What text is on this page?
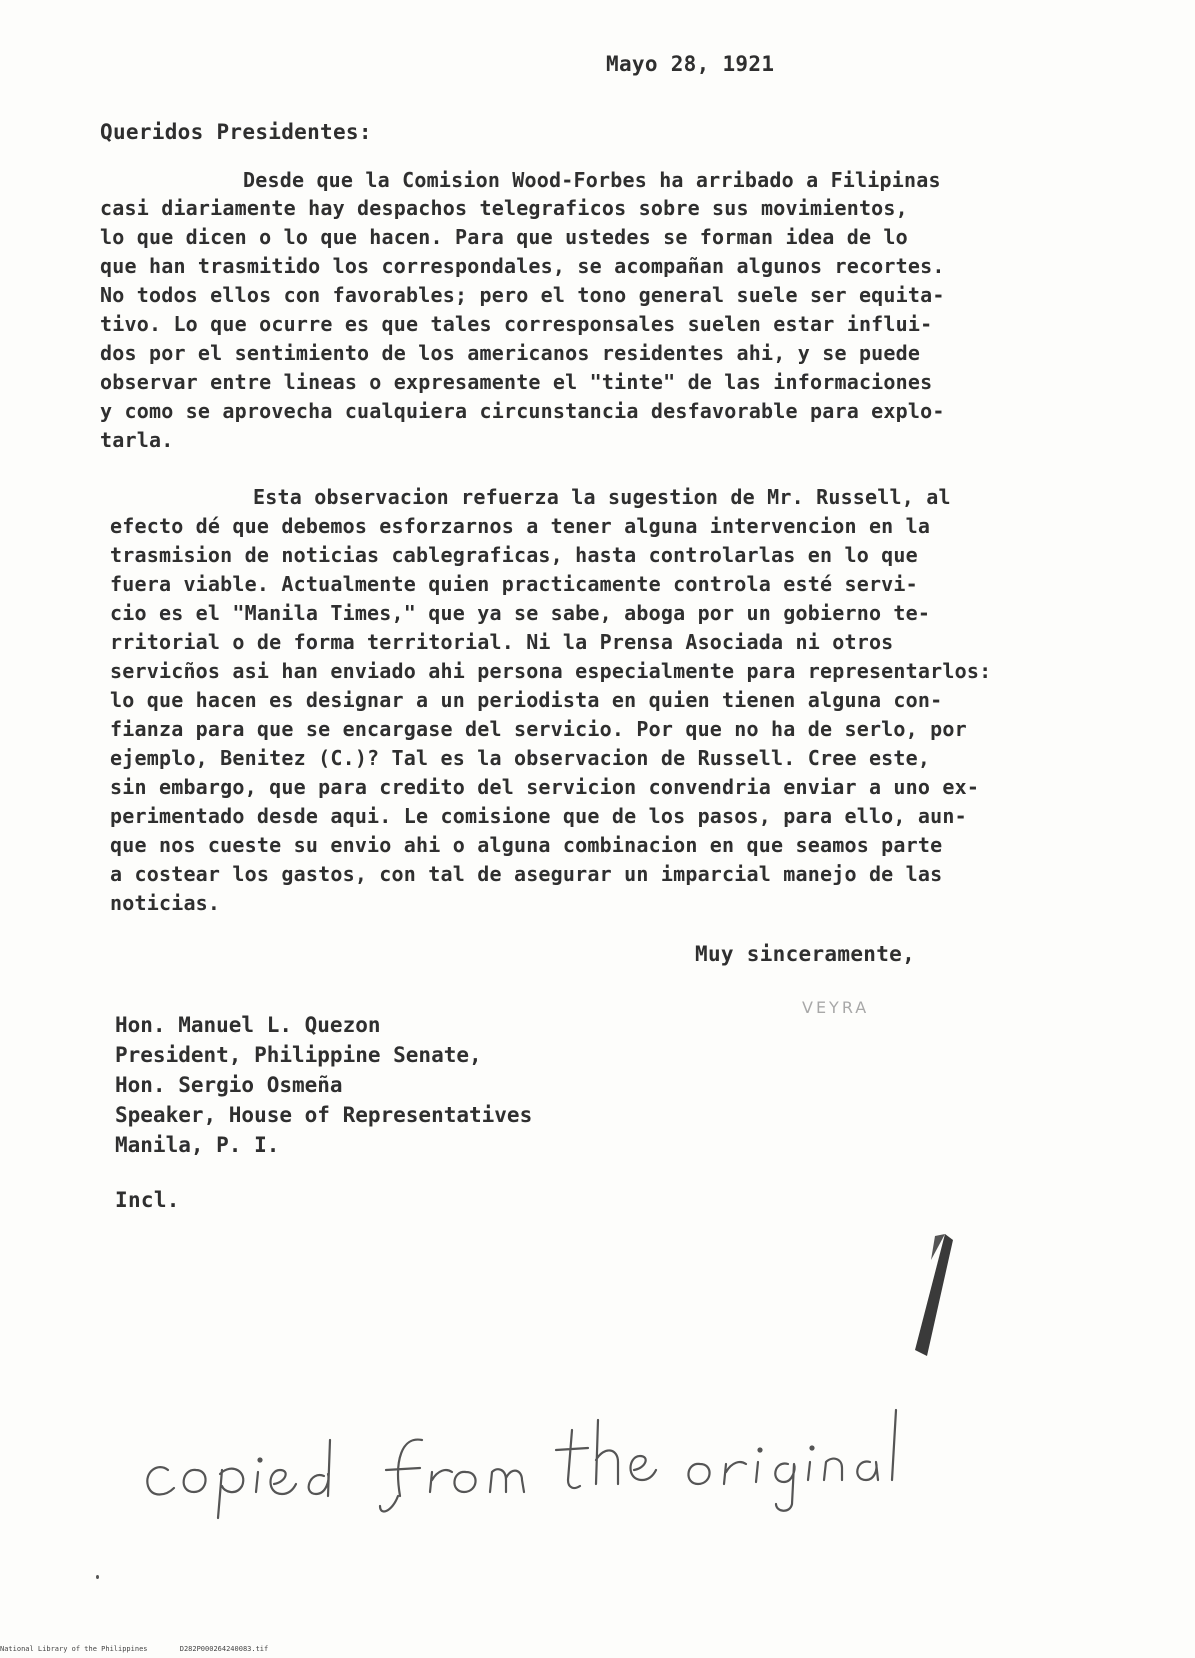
Mayo 28, 1921
Queridos Presidentes:
Desde que la Comision Wood-Forbes ha arribado a Filipinas
casi diariamente hay despachos telegraficos sobre sus movimientos,
lo que dicen o lo que hacen. Para que ustedes se forman idea de lo
que han trasmitido los correspondales, se acompañan algunos recortes.
No todos ellos con favorables; pero el tono general suele ser equita-
tivo. Lo que ocurre es que tales corresponsales suelen estar influi-
dos por el sentimiento de los americanos residentes ahi, y se puede
observar entre lineas o expresamente el "tinte" de las informaciones
y como se aprovecha cualquiera circunstancia desfavorable para explo-
tarla.
Esta observacion refuerza la sugestion de Mr. Russell, al
efecto dé que debemos esforzarnos a tener alguna intervencion en la
trasmision de noticias cablegraficas, hasta controlarlas en lo que
fuera viable. Actualmente quien practicamente controla esté servi-
cio es el "Manila Times," que ya se sabe, aboga por un gobierno te-
rritorial o de forma territorial. Ni la Prensa Asociada ni otros
servicños asi han enviado ahi persona especialmente para representarlos:
lo que hacen es designar a un periodista en quien tienen alguna con-
fianza para que se encargase del servicio. Por que no ha de serlo, por
ejemplo, Benitez (C.)? Tal es la observacion de Russell. Cree este,
sin embargo, que para credito del servicion convendria enviar a uno ex-
perimentado desde aqui. Le comisione que de los pasos, para ello, aun-
que nos cueste su envio ahi o alguna combinacion en que seamos parte
a costear los gastos, con tal de asegurar un imparcial manejo de las
noticias.
Muy sinceramente,
VEYRA
Hon. Manuel L. Quezon
President, Philippine Senate,
Hon. Sergio Osmeña
Speaker, House of Representatives
Manila, P. I.
Incl.
National Library of the Philippines	D282P000264240083.tif
